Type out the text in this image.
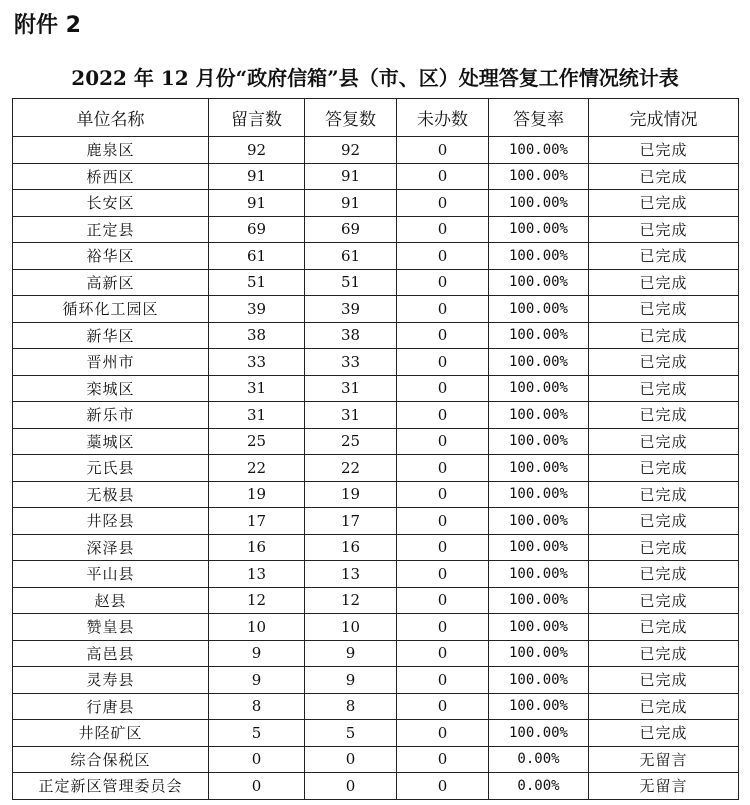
附件 2
2022 年 12 月份“政府信箱”县（市、区）处理答复工作情况统计表
单位名称	留言数	答复数	未办数	答复率	完成情况
鹿泉区	92	92	0	100.00%	已完成
桥西区	91	91	0	100.00%	已完成
长安区	91	91	0	100.00%	已完成
正定县	69	69	0	100.00%	已完成
裕华区	61	61	0	100.00%	已完成
高新区	51	51	0	100.00%	已完成
循环化工园区	39	39	0	100.00%	已完成
新华区	38	38	0	100.00%	已完成
晋州市	33	33	0	100.00%	已完成
栾城区	31	31	0	100.00%	已完成
新乐市	31	31	0	100.00%	已完成
藁城区	25	25	0	100.00%	已完成
元氏县	22	22	0	100.00%	已完成
无极县	19	19	0	100.00%	已完成
井陉县	17	17	0	100.00%	已完成
深泽县	16	16	0	100.00%	已完成
平山县	13	13	0	100.00%	已完成
赵县	12	12	0	100.00%	已完成
赞皇县	10	10	0	100.00%	已完成
高邑县	9	9	0	100.00%	已完成
灵寿县	9	9	0	100.00%	已完成
行唐县	8	8	0	100.00%	已完成
井陉矿区	5	5	0	100.00%	已完成
综合保税区	0	0	0	0.00%	无留言
正定新区管理委员会	0	0	0	0.00%	无留言
